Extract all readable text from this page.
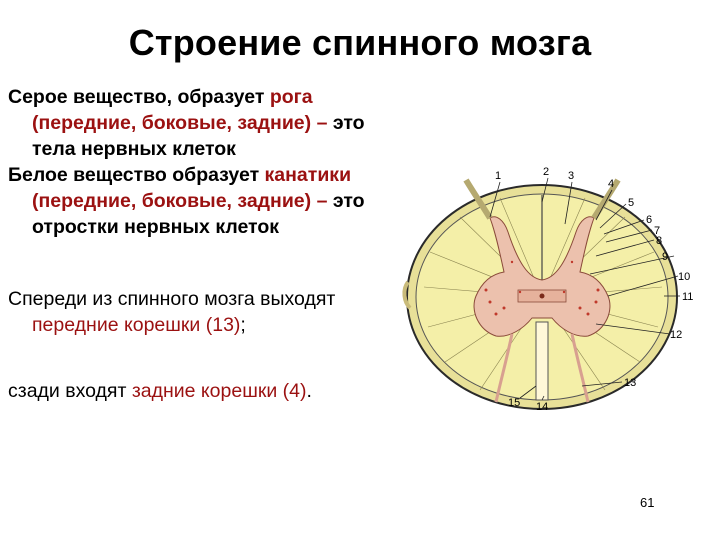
Строение спинного мозга

Серое вещество, образует рога (передние, боковые, задние) – это тела нервных клеток

Белое вещество образует канатики (передние, боковые, задние) – это отростки нервных клеток

Спереди из спинного мозга выходят передние корешки (13);

сзади входят задние корешки (4).

1	2 3
4
5
6
7
8
9
10
11
12
13
14
15
61
